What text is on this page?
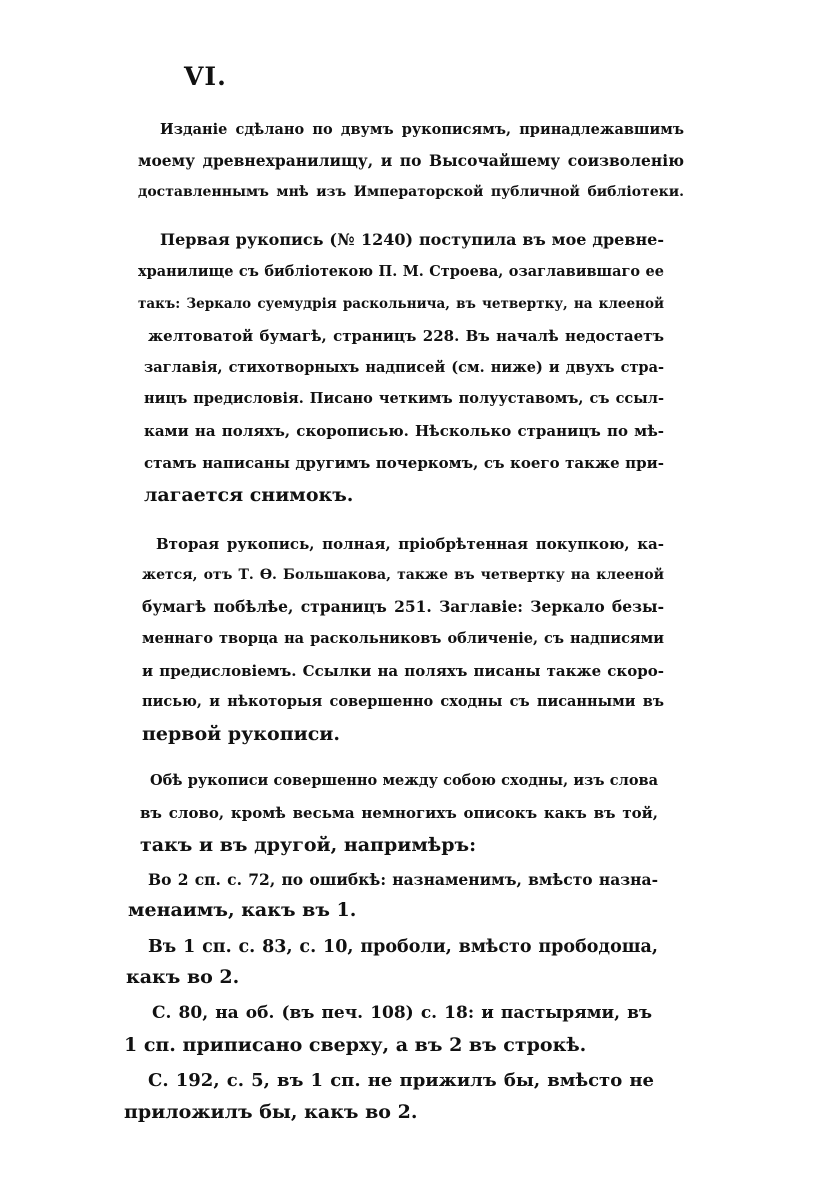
VI.
Изданіе сдѣлано по двумъ рукописямъ, принадлежавшимъ
моему древнехранилищу, и по Высочайшему соизволенію
доставленнымъ мнѣ изъ Императорской публичной библіотеки.
Первая рукопись (№ 1240) поступила въ мое древне-
хранилище съ библіотекою П. М. Строева, озаглавившаго ее
такъ: Зеркало суемудрія раскольнича, въ четвертку, на клееной
желтоватой бумагѣ, страницъ 228. Въ началѣ недостаетъ
заглавія, стихотворныхъ надписей (см. ниже) и двухъ стра-
ницъ предисловія. Писано четкимъ полууставомъ, съ ссыл-
ками на поляхъ, скорописью. Нѣсколько страницъ по мѣ-
стамъ написаны другимъ почеркомъ, съ коего также при-
лагается снимокъ.
Вторая рукопись, полная, пріобрѣтенная покупкою, ка-
жется, отъ Т. Ѳ. Большакова, также въ четвертку на клееной
бумагѣ побѣлѣе, страницъ 251. Заглавіе: Зеркало безы-
меннаго творца на раскольниковъ обличеніе, съ надписями
и предисловіемъ. Ссылки на поляхъ писаны также скоро-
писью, и нѣкоторыя совершенно сходны съ писанными въ
первой рукописи.
Обѣ рукописи совершенно между собою сходны, изъ слова
въ слово, кромѣ весьма немногихъ описокъ какъ въ той,
такъ и въ другой, напримѣръ:
Во 2 сп. с. 72, по ошибкѣ: назнаменимъ, вмѣсто назна-
менаимъ, какъ въ 1.
Въ 1 сп. с. 83, с. 10, проболи, вмѣсто прободоша,
какъ во 2.
С. 80, на об. (въ печ. 108) с. 18: и пастырями, въ
1 сп. приписано сверху, а въ 2 въ строкѣ.
С. 192, с. 5, въ 1 сп. не прижилъ бы, вмѣсто не
приложилъ бы, какъ во 2.
